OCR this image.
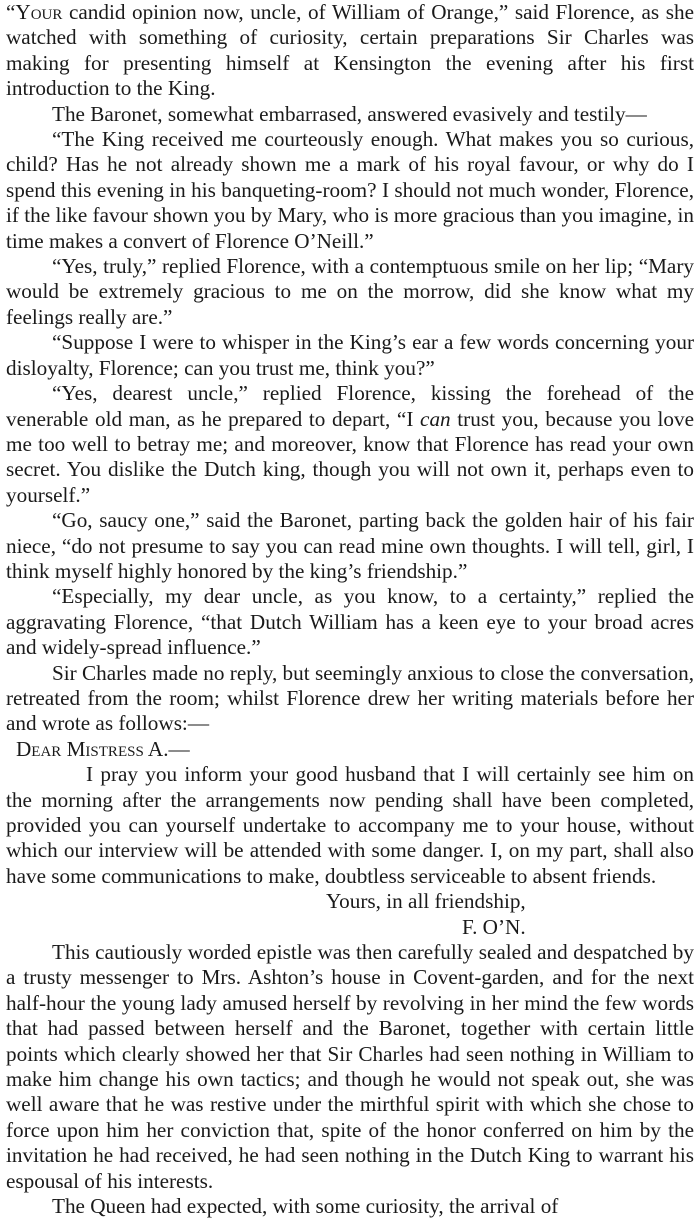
“Your candid opinion now, uncle, of William of Orange,” said Florence, as she watched with something of curiosity, certain preparations Sir Charles was making for presenting himself at Kensington the evening after his first introduction to the King.

The Baronet, somewhat embarrased, answered evasively and testily—

“The King received me courteously enough. What makes you so curious, child? Has he not already shown me a mark of his royal favour, or why do I spend this evening in his banqueting-room? I should not much wonder, Florence, if the like favour shown you by Mary, who is more gracious than you imagine, in time makes a convert of Florence O’Neill.”

“Yes, truly,” replied Florence, with a contemptuous smile on her lip; “Mary would be extremely gracious to me on the morrow, did she know what my feelings really are.”

“Suppose I were to whisper in the King’s ear a few words concerning your disloyalty, Florence; can you trust me, think you?”

“Yes, dearest uncle,” replied Florence, kissing the forehead of the venerable old man, as he prepared to depart, “I can trust you, because you love me too well to betray me; and moreover, know that Florence has read your own secret. You dislike the Dutch king, though you will not own it, perhaps even to yourself.”

“Go, saucy one,” said the Baronet, parting back the golden hair of his fair niece, “do not presume to say you can read mine own thoughts. I will tell, girl, I think myself highly honored by the king’s friendship.”

“Especially, my dear uncle, as you know, to a certainty,” replied the aggravating Florence, “that Dutch William has a keen eye to your broad acres and widely-spread influence.”

Sir Charles made no reply, but seemingly anxious to close the conversation, retreated from the room; whilst Florence drew her writing materials before her and wrote as follows:—

Dear Mistress A.—

I pray you inform your good husband that I will certainly see him on the morning after the arrangements now pending shall have been completed, provided you can yourself undertake to accompany me to your house, without which our interview will be attended with some danger. I, on my part, shall also have some communications to make, doubtless serviceable to absent friends.

Yours, in all friendship,

F. O’N.

This cautiously worded epistle was then carefully sealed and despatched by a trusty messenger to Mrs. Ashton’s house in Covent-garden, and for the next half-hour the young lady amused herself by revolving in her mind the few words that had passed between herself and the Baronet, together with certain little points which clearly showed her that Sir Charles had seen nothing in William to make him change his own tactics; and though he would not speak out, she was well aware that he was restive under the mirthful spirit with which she chose to force upon him her conviction that, spite of the honor conferred on him by the invitation he had received, he had seen nothing in the Dutch King to warrant his espousal of his interests.

The Queen had expected, with some curiosity, the arrival of
